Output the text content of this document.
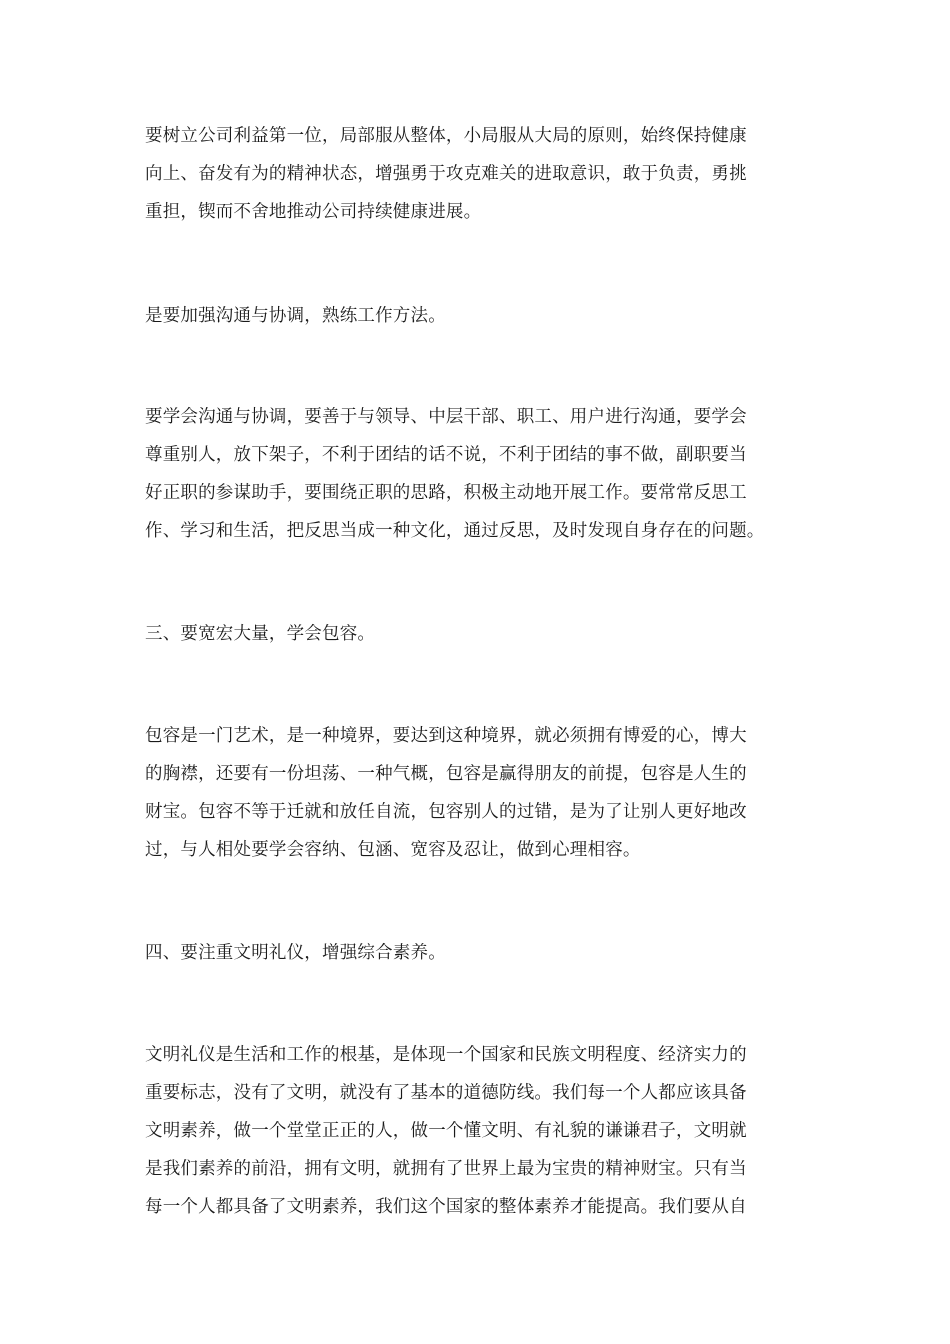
要树立公司利益第一位，局部服从整体，小局服从大局的原则，始终保持健康
向上、奋发有为的精神状态，增强勇于攻克难关的进取意识，敢于负责，勇挑
重担，锲而不舍地推动公司持续健康进展。
是要加强沟通与协调，熟练工作方法。
要学会沟通与协调，要善于与领导、中层干部、职工、用户进行沟通，要学会
尊重别人，放下架子，不利于团结的话不说，不利于团结的事不做，副职要当
好正职的参谋助手，要围绕正职的思路，积极主动地开展工作。要常常反思工
作、学习和生活，把反思当成一种文化，通过反思，及时发现自身存在的问题。
三、要宽宏大量，学会包容。
包容是一门艺术，是一种境界，要达到这种境界，就必须拥有博爱的心，博大
的胸襟，还要有一份坦荡、一种气概，包容是赢得朋友的前提，包容是人生的
财宝。包容不等于迁就和放任自流，包容别人的过错，是为了让别人更好地改
过，与人相处要学会容纳、包涵、宽容及忍让，做到心理相容。
四、要注重文明礼仪，增强综合素养。
文明礼仪是生活和工作的根基，是体现一个国家和民族文明程度、经济实力的
重要标志，没有了文明，就没有了基本的道德防线。我们每一个人都应该具备
文明素养，做一个堂堂正正的人，做一个懂文明、有礼貌的谦谦君子，文明就
是我们素养的前沿，拥有文明，就拥有了世界上最为宝贵的精神财宝。只有当
每一个人都具备了文明素养，我们这个国家的整体素养才能提高。我们要从自
